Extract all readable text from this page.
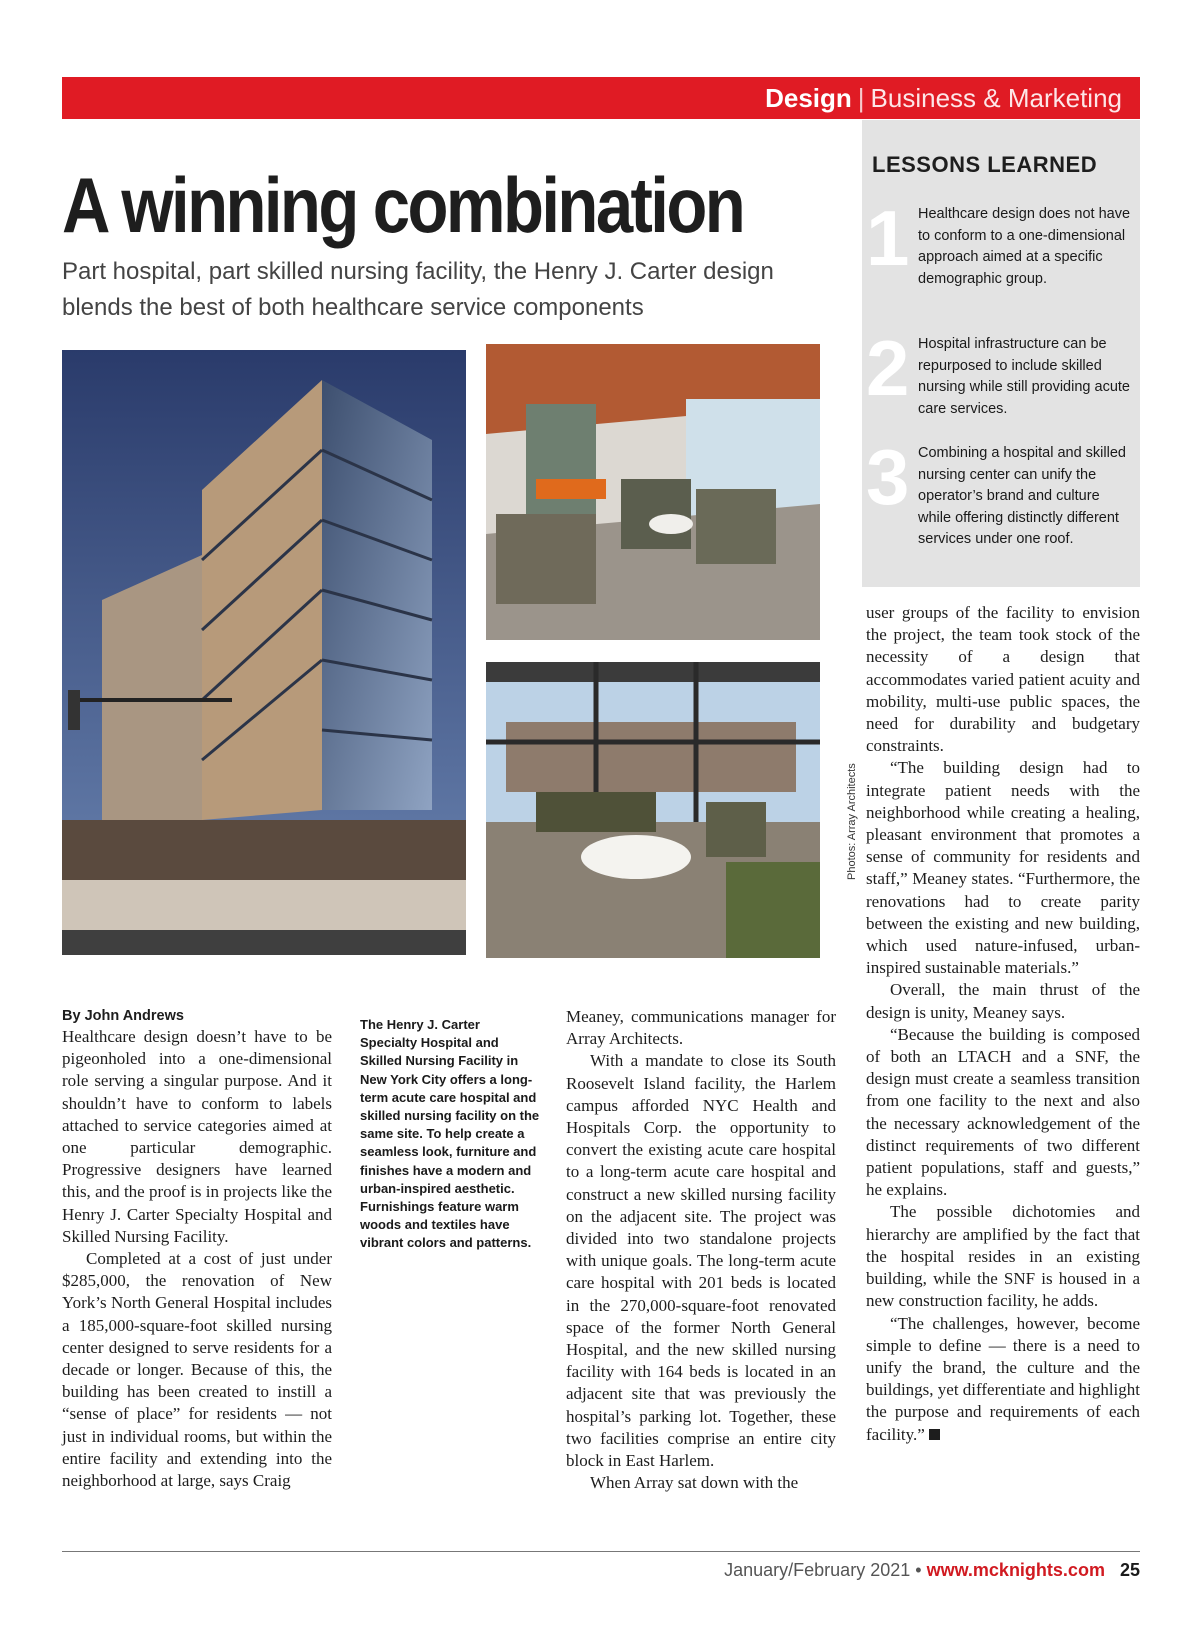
Design | Business & Marketing
A winning combination

Part hospital, part skilled nursing facility, the Henry J. Carter design blends the best of both healthcare service components

Photos: Array Architects
LESSONS LEARNED
1 Healthcare design does not have to conform to a one-dimensional approach aimed at a specific demographic group.
2 Hospital infrastructure can be repurposed to include skilled nursing while still providing acute care services.
3 Combining a hospital and skilled nursing center can unify the operator’s brand and culture while offering distinctly different services under one roof.

By John Andrews

Healthcare design doesn’t have to be pigeonholed into a one-dimensional role serving a singular purpose. And it shouldn’t have to conform to labels attached to service categories aimed at one particular demographic. Progressive designers have learned this, and the proof is in projects like the Henry J. Carter Specialty Hospital and Skilled Nursing Facility.

Completed at a cost of just under $285,000, the renovation of New York’s North General Hospital includes a 185,000-square-foot skilled nursing center designed to serve residents for a decade or longer. Because of this, the building has been created to instill a “sense of place” for residents — not just in individual rooms, but within the entire facility and extending into the neighborhood at large, says Craig

The Henry J. Carter Specialty Hospital and Skilled Nursing Facility in New York City offers a long-term acute care hospital and skilled nursing facility on the same site. To help create a seamless look, furniture and finishes have a modern and urban-inspired aesthetic. Furnishings feature warm woods and textiles have vibrant colors and patterns.

Meaney, communications manager for Array Architects.

With a mandate to close its South Roosevelt Island facility, the Harlem campus afforded NYC Health and Hospitals Corp. the opportunity to convert the existing acute care hospital to a long-term acute care hospital and construct a new skilled nursing facility on the adjacent site. The project was divided into two standalone projects with unique goals. The long-term acute care hospital with 201 beds is located in the 270,000-square-foot renovated space of the former North General Hospital, and the new skilled nursing facility with 164 beds is located in an adjacent site that was previously the hospital’s parking lot. Together, these two facilities comprise an entire city block in East Harlem.

When Array sat down with the

user groups of the facility to envision the project, the team took stock of the necessity of a design that accommodates varied patient acuity and mobility, multi-use public spaces, the need for durability and budgetary constraints.

“The building design had to integrate patient needs with the neighborhood while creating a healing, pleasant environment that promotes a sense of community for residents and staff,” Meaney states. “Furthermore, the renovations had to create parity between the existing and new building, which used nature-infused, urban-inspired sustainable materials.”

Overall, the main thrust of the design is unity, Meaney says.

“Because the building is composed of both an LTACH and a SNF, the design must create a seamless transition from one facility to the next and also the necessary acknowledgement of the distinct requirements of two different patient populations, staff and guests,” he explains.

The possible dichotomies and hierarchy are amplified by the fact that the hospital resides in an existing building, while the SNF is housed in a new construction facility, he adds.

“The challenges, however, become simple to define — there is a need to unify the brand, the culture and the buildings, yet differentiate and highlight the purpose and requirements of each facility.”

January/February 2021 • www.mcknights.com 25
